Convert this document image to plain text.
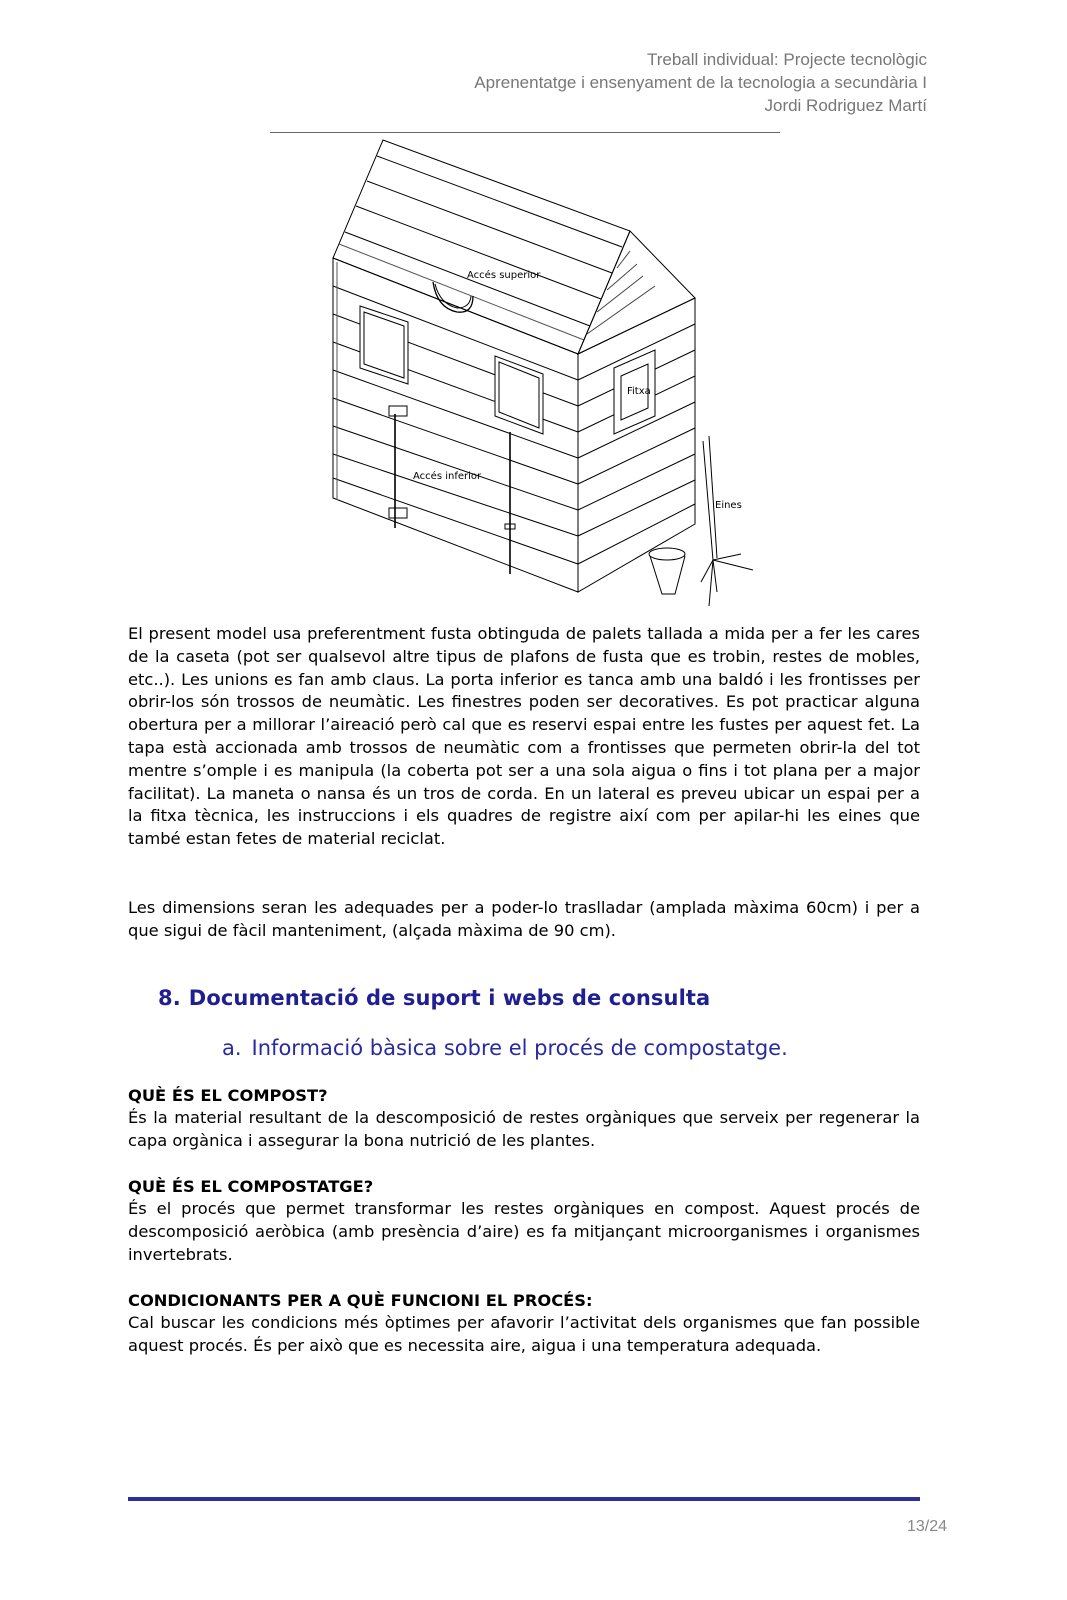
Treball individual: Projecte tecnològic
Aprenentatge i ensenyament de la tecnologia a secundària I
Jordi Rodriguez Martí
Accés superior
Accés inferior
Fitxa
Eines

El present model usa preferentment fusta obtinguda de palets tallada a mida per a fer les cares de la caseta (pot ser qualsevol altre tipus de plafons de fusta que es trobin, restes de mobles, etc..). Les unions es fan amb claus. La porta inferior es tanca amb una baldó i les frontisses per obrir-los són trossos de neumàtic. Les finestres poden ser decoratives. Es pot practicar alguna obertura per a millorar l’aireació però cal que es reservi espai entre les fustes per aquest fet. La tapa està accionada amb trossos de neumàtic com a frontisses que permeten obrir-la del tot mentre s’omple i es manipula (la coberta pot ser a una sola aigua o fins i tot plana per a major facilitat). La maneta o nansa és un tros de corda. En un lateral es preveu ubicar un espai per a la fitxa tècnica, les instruccions i els quadres de registre així com per apilar-hi les eines que també estan fetes de material reciclat.

Les dimensions seran les adequades per a poder-lo traslladar (amplada màxima 60cm) i per a que sigui de fàcil manteniment, (alçada màxima de 90 cm).

8. Documentació de suport i webs de consulta
a. Informació bàsica sobre el procés de compostatge.

QUÈ ÉS EL COMPOST?

És la material resultant de la descomposició de restes orgàniques que serveix per regenerar la capa orgànica i assegurar la bona nutrició de les plantes.

QUÈ ÉS EL COMPOSTATGE?

És el procés que permet transformar les restes orgàniques en compost. Aquest procés de descomposició aeròbica (amb presència d’aire) es fa mitjançant microorganismes i organismes invertebrats.

CONDICIONANTS PER A QUÈ FUNCIONI EL PROCÉS:

Cal buscar les condicions més òptimes per afavorir l’activitat dels organismes que fan possible aquest procés. És per això que es necessita aire, aigua i una temperatura adequada.

13/24
